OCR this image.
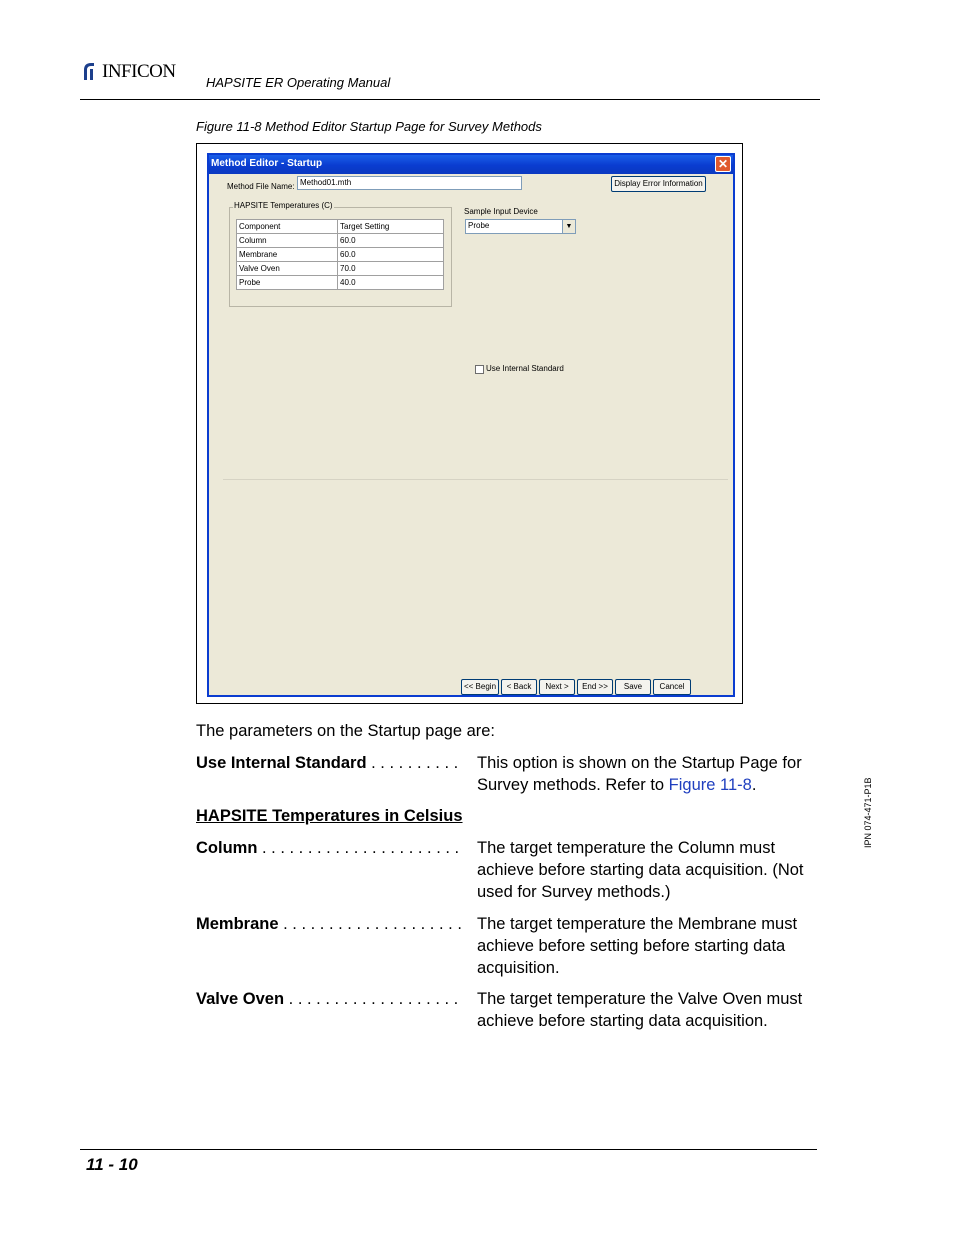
INFICON
HAPSITE ER Operating Manual
Figure 11-8 Method Editor Startup Page for Survey Methods
Method Editor - Startup	✕
Method File Name: Method01.mth	Display Error Information
HAPSITE Temperatures (C)
Component	Target Setting
Column	60.0
Membrane	60.0
Valve Oven	70.0
Probe	40.0
Sample Input Device
Probe	▼
Use Internal Standard
<< Begin	< Back	Next >	End >>	Save	Cancel
The parameters on the Startup page are:
Use Internal Standard . . . . . . . . . .	This option is shown on the Startup Page for Survey methods. Refer to Figure 11-8.
HAPSITE Temperatures in Celsius
Column . . . . . . . . . . . . . . . . . . . . . .	The target temperature the Column must achieve before starting data acquisition. (Not used for Survey methods.)
Membrane . . . . . . . . . . . . . . . . . . . . The target temperature the Membrane must achieve before setting before starting data acquisition.
Valve Oven . . . . . . . . . . . . . . . . . . .	The target temperature the Valve Oven must achieve before starting data acquisition.
IPN 074-471-P1B
11 - 10
